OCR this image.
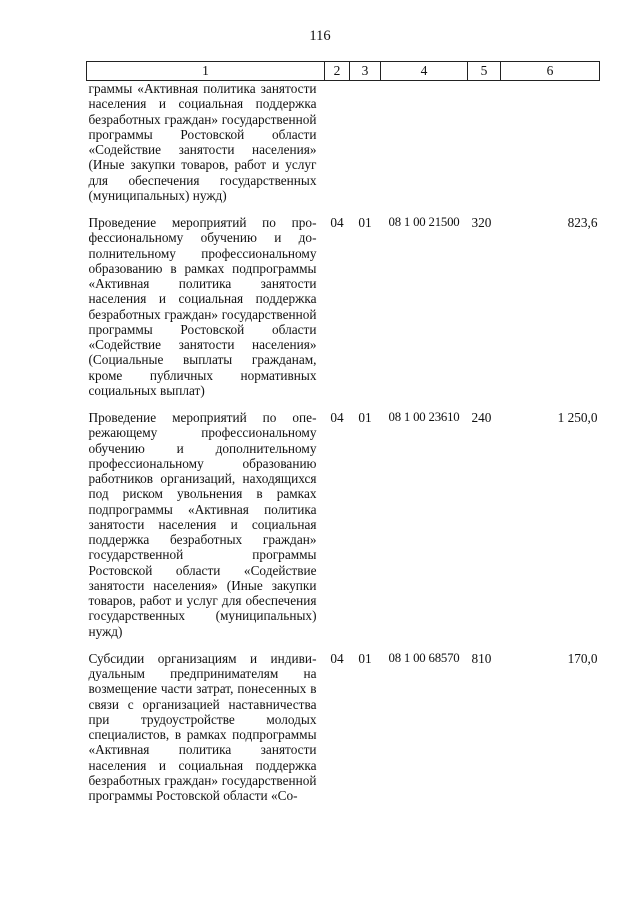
116
1	2	3	4	5	6
граммы «Активная политика занятости населения и социальная поддержка безработных граждан» государственной программы Ростовской области «Содействие занятости населения» (Иные закупки товаров, работ и услуг для обеспечения государственных (муниципальных) нужд)					
Проведение мероприятий по профессиональному обучению и дополнительному профессиональному образованию в рамках подпрограммы «Активная политика занятости населения и социальная поддержка безработных граждан» государственной программы Ростовской области «Содействие занятости населения» (Социальные выплаты гражданам, кроме публичных нормативных социальных выплат)	04	01	08 1 00 21500	320	823,6
Проведение мероприятий по опережающему профессиональному обучению и дополнительному профессиональному образованию работников организаций, находящихся под риском увольнения в рамках подпрограммы «Активная политика занятости населения и социальная поддержка безработных граждан» государственной программы Ростовской области «Содействие занятости населения» (Иные закупки товаров, работ и услуг для обеспечения государственных (муниципальных) нужд)	04	01	08 1 00 23610	240	1 250,0
Субсидии организациям и индивидуальным предпринимателям на возмещение части затрат, понесенных в связи с организацией наставничества при трудоустройстве молодых специалистов, в рамках подпрограммы «Активная политика занятости населения и социальная поддержка безработных граждан» государственной программы Ростовской области «Со-	04	01	08 1 00 68570	810	170,0
